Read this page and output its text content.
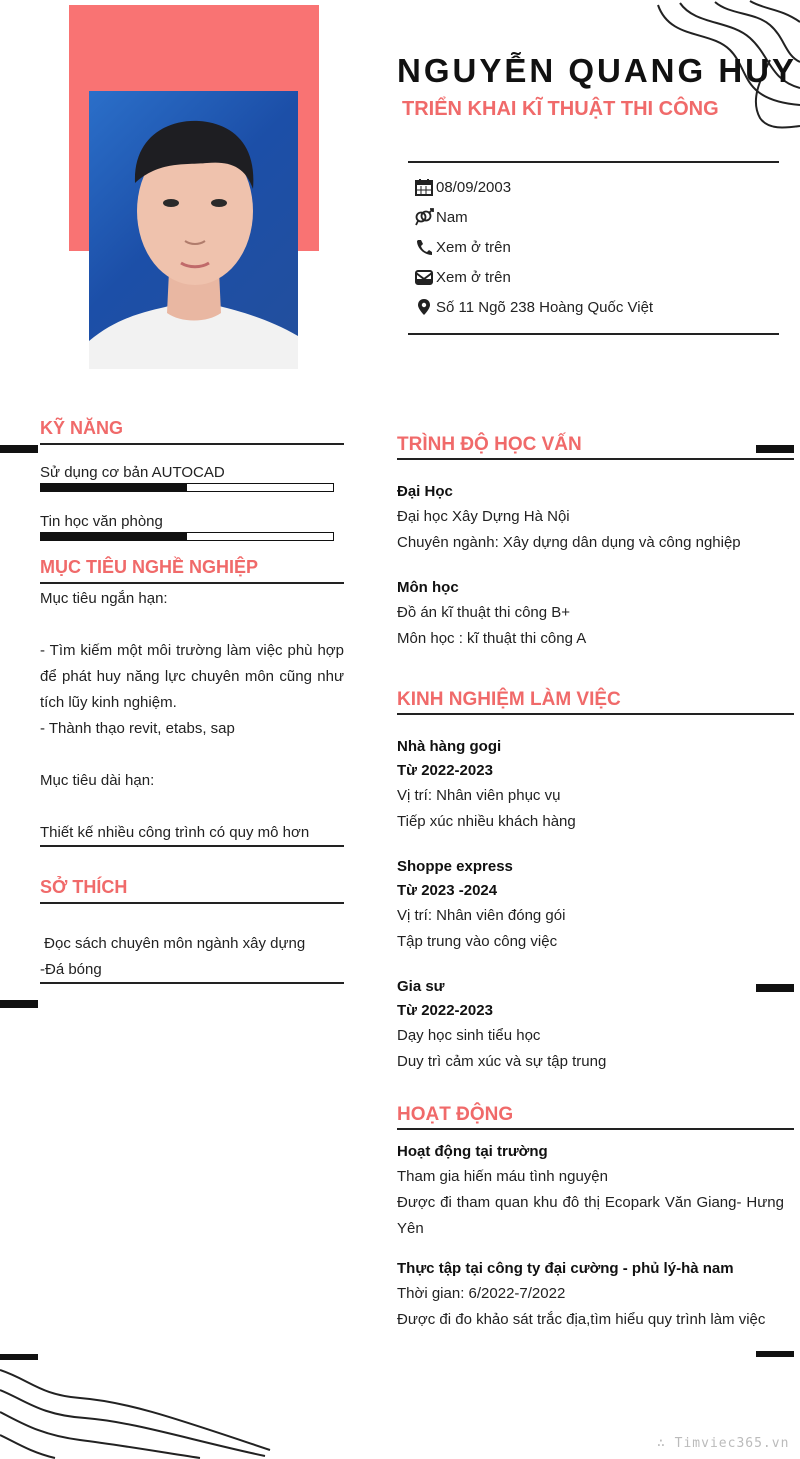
NGUYỄN QUANG HUY
TRIỂN KHAI KĨ THUẬT THI CÔNG
08/09/2003
Nam
Xem ở trên
Xem ở trên
Số 11 Ngõ 238 Hoàng Quốc Việt
KỸ NĂNG
Sử dụng cơ bản AUTOCAD
Tin học văn phòng
MỤC TIÊU NGHỀ NGHIỆP
Mục tiêu ngắn hạn:
- Tìm kiếm một môi trường làm việc phù hợp để phát huy năng lực chuyên môn cũng như tích lũy kinh nghiệm.
- Thành thạo revit, etabs, sap
Mục tiêu dài hạn:
Thiết kế nhiều công trình có quy mô hơn
SỞ THÍCH
Đọc sách chuyên môn ngành xây dựng
-Đá bóng
TRÌNH ĐỘ HỌC VẤN
Đại Học
Đại học Xây Dựng Hà Nội
Chuyên ngành: Xây dựng dân dụng và công nghiệp
Môn học
Đồ án kĩ thuật thi công B+
Môn học : kĩ thuật thi công A
KINH NGHIỆM LÀM VIỆC
Nhà hàng gogi
Từ 2022-2023
Vị trí: Nhân viên phục vụ
Tiếp xúc nhiều khách hàng
Shoppe express
Từ 2023 -2024
Vị trí: Nhân viên đóng gói
Tập trung vào công việc
Gia sư
Từ 2022-2023
Dạy học sinh tiểu học
Duy trì cảm xúc và sự tập trung
HOẠT ĐỘNG
Hoạt động tại trường
Tham gia hiến máu tình nguyện
Được đi tham quan khu đô thị Ecopark Văn Giang- Hưng Yên
Thực tập tại công ty đại cường - phủ lý-hà nam
Thời gian: 6/2022-7/2022
Được đi đo khảo sát trắc địa,tìm hiểu quy trình làm việc
∴ Timviec365.vn
